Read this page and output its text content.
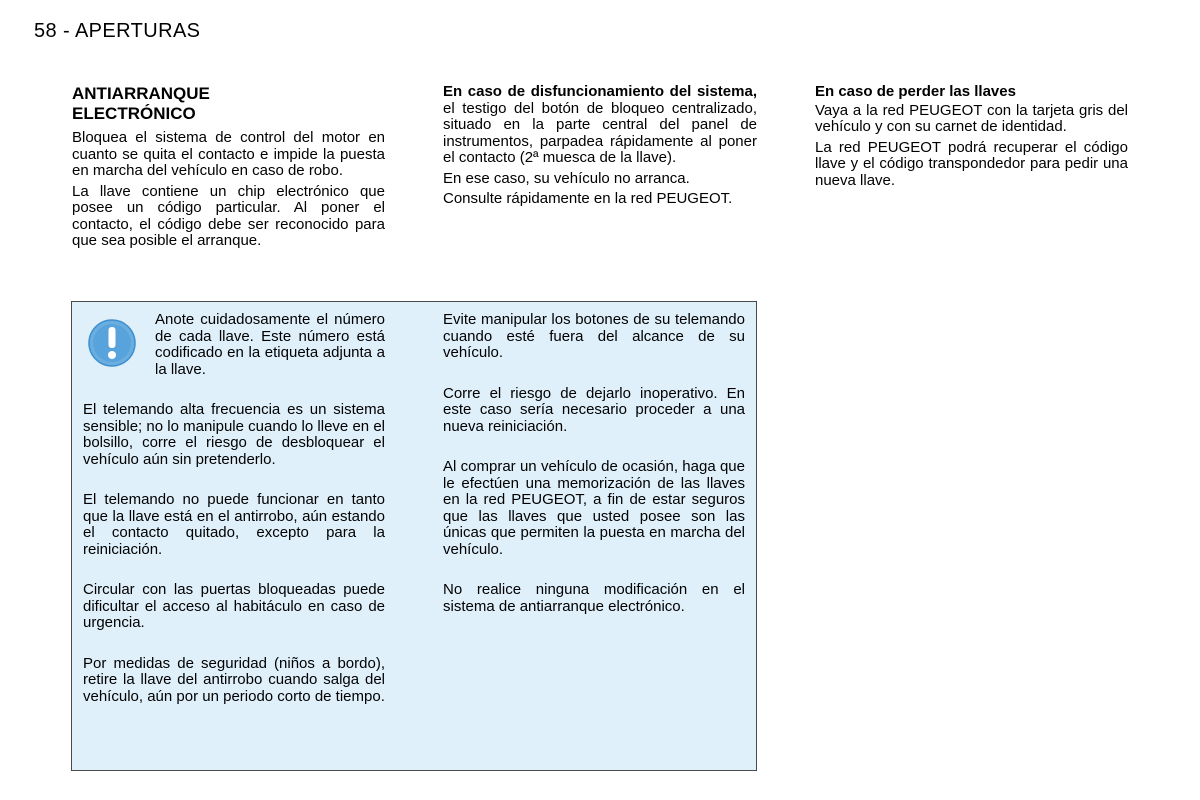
58 - APERTURAS
ANTIARRANQUE ELECTRÓNICO

Bloquea el sistema de control del motor en cuanto se quita el contacto e impide la puesta en marcha del vehículo en caso de robo.

La llave contiene un chip electrónico que posee un código particular. Al poner el contacto, el código debe ser reconocido para que sea posible el arranque.

En caso de disfuncionamiento del sistema, el testigo del botón de bloqueo centralizado, situado en la parte central del panel de instrumentos, parpadea rápidamente al poner el contacto (2ª muesca de la llave).

En ese caso, su vehículo no arranca.

Consulte rápidamente en la red PEUGEOT.

En caso de perder las llaves

Vaya a la red PEUGEOT con la tarjeta gris del vehículo y con su carnet de identidad.

La red PEUGEOT podrá recuperar el código llave y el código transpondedor para pedir una nueva llave.

Anote cuidadosamente el número de cada llave. Este número está codificado en la etiqueta adjunta a la llave.

El telemando alta frecuencia es un sistema sensible; no lo manipule cuando lo lleve en el bolsillo, corre el riesgo de desbloquear el vehículo aún sin pretenderlo.

El telemando no puede funcionar en tanto que la llave está en el antirrobo, aún estando el contacto quitado, excepto para la reiniciación.

Circular con las puertas bloqueadas puede dificultar el acceso al habitáculo en caso de urgencia.

Por medidas de seguridad (niños a bordo), retire la llave del antirrobo cuando salga del vehículo, aún por un periodo corto de tiempo.

Evite manipular los botones de su telemando cuando esté fuera del alcance de su vehículo.

Corre el riesgo de dejarlo inoperativo. En este caso sería necesario proceder a una nueva reiniciación.

Al comprar un vehículo de ocasión, haga que le efectúen una memorización de las llaves en la red PEUGEOT, a fin de estar seguros que las llaves que usted posee son las únicas que permiten la puesta en marcha del vehículo.

No realice ninguna modificación en el sistema de antiarranque electrónico.
